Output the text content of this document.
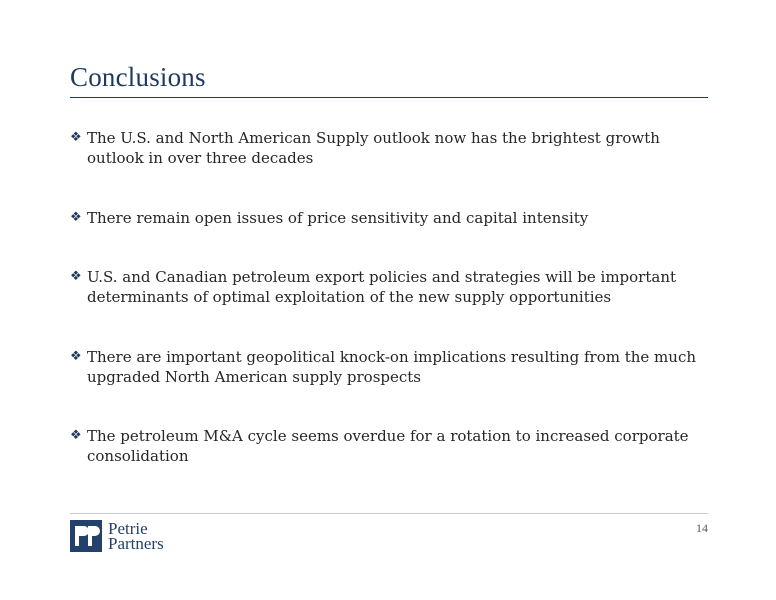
Conclusions
❖ The U.S. and North American Supply outlook now has the brightest growth outlook in over three decades
❖ There remain open issues of price sensitivity and capital intensity
❖ U.S. and Canadian petroleum export policies and strategies will be important determinants of optimal exploitation of the new supply opportunities
❖ There are important geopolitical knock-on implications resulting from the much upgraded North American supply prospects
❖ The petroleum M&A cycle seems overdue for a rotation to increased corporate consolidation
Petrie
Partners
14
